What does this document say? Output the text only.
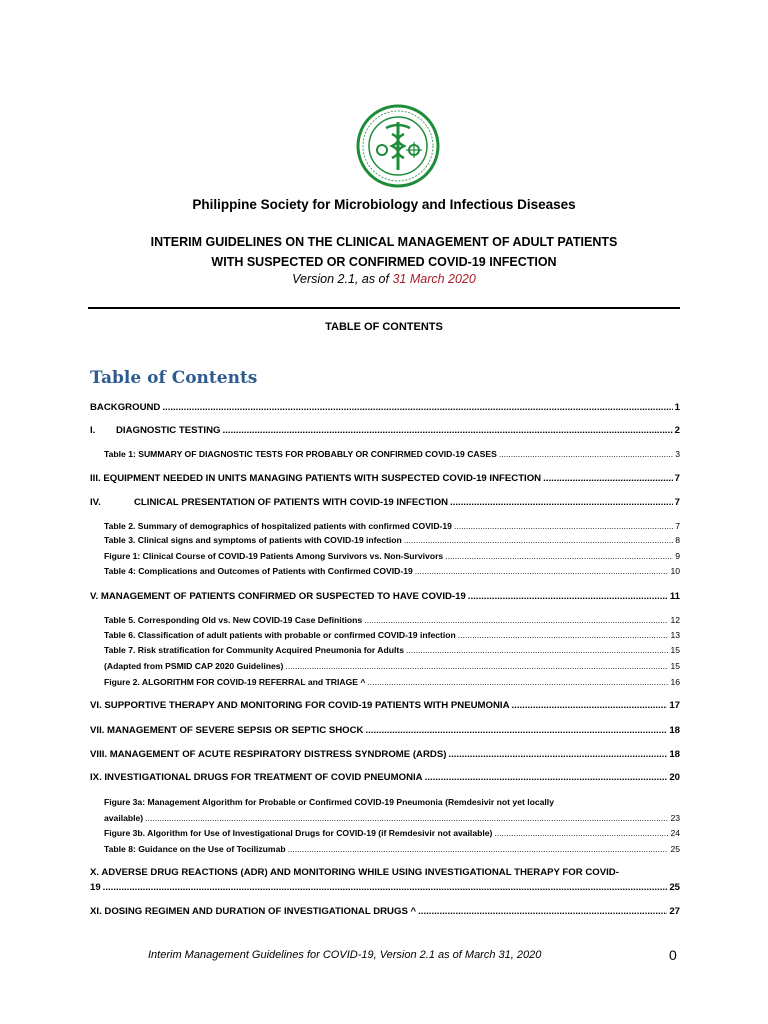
Philippine Society for Microbiology and Infectious Diseases
INTERIM GUIDELINES ON THE CLINICAL MANAGEMENT OF ADULT PATIENTS
WITH SUSPECTED OR CONFIRMED COVID-19 INFECTION
Version 2.1, as of 31 March 2020
TABLE OF CONTENTS
Table of Contents
BACKGROUND .....	1
I.	DIAGNOSTIC TESTING .....	2
Table 1: SUMMARY OF DIAGNOSTIC TESTS FOR PROBABLY OR CONFIRMED COVID-19 CASES .....	3
III. EQUIPMENT NEEDED IN UNITS MANAGING PATIENTS WITH SUSPECTED COVID-19 INFECTION .....	7
IV.	CLINICAL PRESENTATION OF PATIENTS WITH COVID-19 INFECTION .....	7
Table 2. Summary of demographics of hospitalized patients with confirmed COVID-19 .....	7
Table 3. Clinical signs and symptoms of patients with COVID-19 infection .....	8
Figure 1: Clinical Course of COVID-19 Patients Among Survivors vs. Non-Survivors .....	9
Table 4: Complications and Outcomes of Patients with Confirmed COVID-19 .....	10
V. MANAGEMENT OF PATIENTS CONFIRMED OR SUSPECTED TO HAVE COVID-19 .....	11
Table 5. Corresponding Old vs. New COVID-19 Case Definitions .....	12
Table 6. Classification of adult patients with probable or confirmed COVID-19 infection .....	13
Table 7. Risk stratification for Community Acquired Pneumonia for Adults .....	15
(Adapted from PSMID CAP 2020 Guidelines) .....	15
Figure 2. ALGORITHM FOR COVID-19 REFERRAL and TRIAGE ^ .....	16
VI. SUPPORTIVE THERAPY AND MONITORING FOR COVID-19 PATIENTS WITH PNEUMONIA .....	17
VII. MANAGEMENT OF SEVERE SEPSIS OR SEPTIC SHOCK .....	18
VIII. MANAGEMENT OF ACUTE RESPIRATORY DISTRESS SYNDROME (ARDS) .....	18
IX. INVESTIGATIONAL DRUGS FOR TREATMENT OF COVID PNEUMONIA .....	20
Figure 3a: Management Algorithm for Probable or Confirmed COVID-19 Pneumonia (Remdesivir not yet locally
available) .....	23
Figure 3b. Algorithm for Use of Investigational Drugs for COVID-19 (if Remdesivir not available) .....	24
Table 8: Guidance on the Use of Tocilizumab .....	25
X. ADVERSE DRUG REACTIONS (ADR) AND MONITORING WHILE USING INVESTIGATIONAL THERAPY FOR COVID-
19 .....	25
XI. DOSING REGIMEN AND DURATION OF INVESTIGATIONAL DRUGS ^ .....	27
Interim Management Guidelines for COVID-19, Version 2.1 as of March 31, 2020	0
